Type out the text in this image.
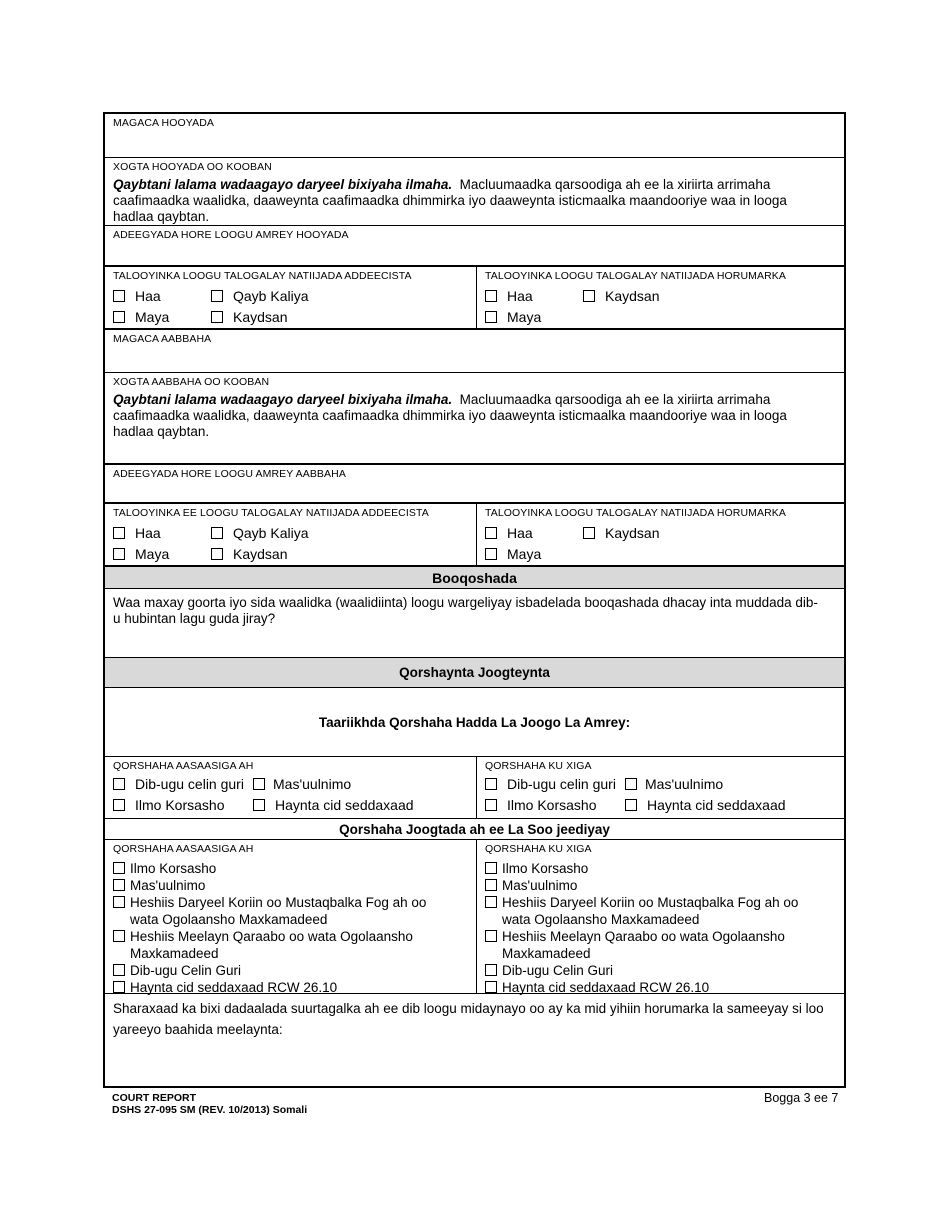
MAGACA HOOYADA
XOGTA HOOYADA OO KOOBAN
Qaybtani lalama wadaagayo daryeel bixiyaha ilmaha. Macluumaadka qarsoodiga ah ee la xiriirta arrimaha caafimaadka waalidka, daaweynta caafimaadka dhimmirka iyo daaweynta isticmaalka maandooriye waa in looga hadlaa qaybtan.
ADEEGYADA HORE LOOGU AMREY HOOYADA
TALOOYINKA LOOGU TALOGALAY NATIIJADA ADDEECISTA
Haa	Qayb Kaliya
Maya	Kaydsan
TALOOYINKA LOOGU TALOGALAY NATIIJADA HORUMARKA
Haa	Kaydsan
Maya
MAGACA AABBAHA
XOGTA AABBAHA OO KOOBAN
Qaybtani lalama wadaagayo daryeel bixiyaha ilmaha. Macluumaadka qarsoodiga ah ee la xiriirta arrimaha caafimaadka waalidka, daaweynta caafimaadka dhimmirka iyo daaweynta isticmaalka maandooriye waa in looga hadlaa qaybtan.
ADEEGYADA HORE LOOGU AMREY AABBAHA
TALOOYINKA EE LOOGU TALOGALAY NATIIJADA ADDEECISTA
Haa	Qayb Kaliya
Maya	Kaydsan
TALOOYINKA LOOGU TALOGALAY NATIIJADA HORUMARKA
Haa	Kaydsan
Maya
Booqoshada
Waa maxay goorta iyo sida waalidka (waalidiinta) loogu wargeliyay isbadelada booqashada dhacay inta muddada dib-u hubintan lagu guda jiray?
Qorshaynta Joogteynta
Taariikhda Qorshaha Hadda La Joogo La Amrey:
QORSHAHA AASAASIGA AH
Dib-ugu celin guri Mas'uulnimo
Ilmo Korsasho	Haynta cid seddaxaad
QORSHAHA KU XIGA
Dib-ugu celin guri Mas'uulnimo
Ilmo Korsasho	Haynta cid seddaxaad
Qorshaha Joogtada ah ee La Soo jeediyay
QORSHAHA AASAASIGA AH
Ilmo Korsasho
Mas'uulnimo
Heshiis Daryeel Koriin oo Mustaqbalka Fog ah oo wata Ogolaansho Maxkamadeed
Heshiis Meelayn Qaraabo oo wata Ogolaansho Maxkamadeed
Dib-ugu Celin Guri
Haynta cid seddaxaad RCW 26.10
QORSHAHA KU XIGA
Ilmo Korsasho
Mas'uulnimo
Heshiis Daryeel Koriin oo Mustaqbalka Fog ah oo wata Ogolaansho Maxkamadeed
Heshiis Meelayn Qaraabo oo wata Ogolaansho Maxkamadeed
Dib-ugu Celin Guri
Haynta cid seddaxaad RCW 26.10
Sharaxaad ka bixi dadaalada suurtagalka ah ee dib loogu midaynayo oo ay ka mid yihiin horumarka la sameeyay si loo yareeyo baahida meelaynta:
COURT REPORT
DSHS 27-095 SM (REV. 10/2013) Somali
Bogga 3 ee 7
